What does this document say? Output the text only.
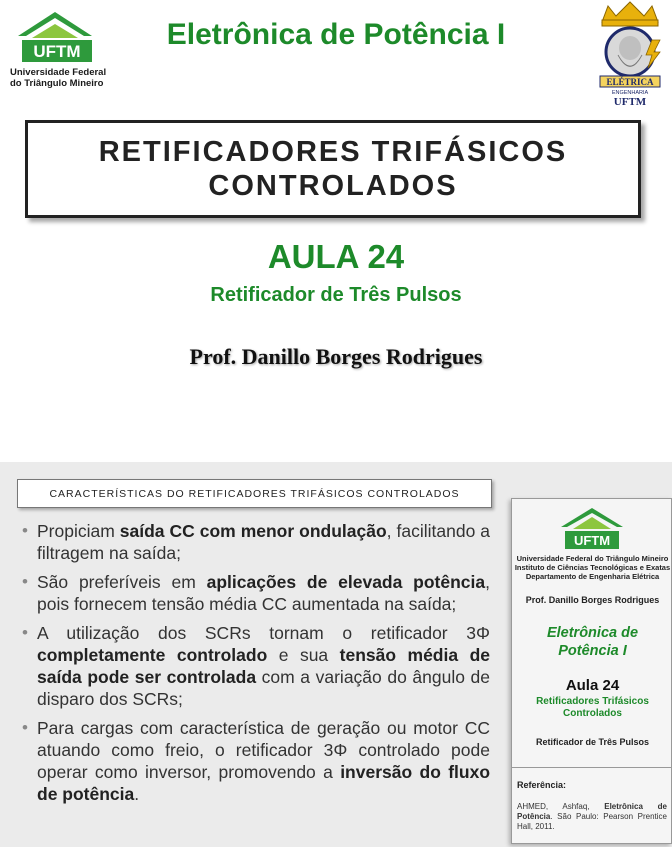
UFTM
Universidade Federal
do Triângulo Mineiro
Eletrônica de Potência I
ELÉTRICA
ENGENHARIA
UFTM
RETIFICADORES TRIFÁSICOS
CONTROLADOS
AULA 24
Retificador de Três Pulsos
Prof. Danillo Borges Rodrigues
CARACTERÍSTICAS DO RETIFICADORES TRIFÁSICOS CONTROLADOS
• Propiciam saída CC com menor ondulação, facilitando a filtragem na saída;
• São preferíveis em aplicações de elevada potência, pois fornecem tensão média CC aumentada na saída;
• A utilização dos SCRs tornam o retificador 3Φ completamente controlado e sua tensão média de saída pode ser controlada com a variação do ângulo de disparo dos SCRs;
• Para cargas com característica de geração ou motor CC atuando como freio, o retificador 3Φ controlado pode operar como inversor, promovendo a inversão do fluxo de potência.
UFTM
Universidade Federal do Triângulo Mineiro
Instituto de Ciências Tecnológicas e Exatas
Departamento de Engenharia Elétrica
Prof. Danillo Borges Rodrigues
Eletrônica de
Potência I
Aula 24
Retificadores Trifásicos
Controlados
Retificador de Três Pulsos
Referência:
AHMED, Ashfaq, Eletrônica de Potência. São Paulo: Pearson Prentice Hall, 2011.
